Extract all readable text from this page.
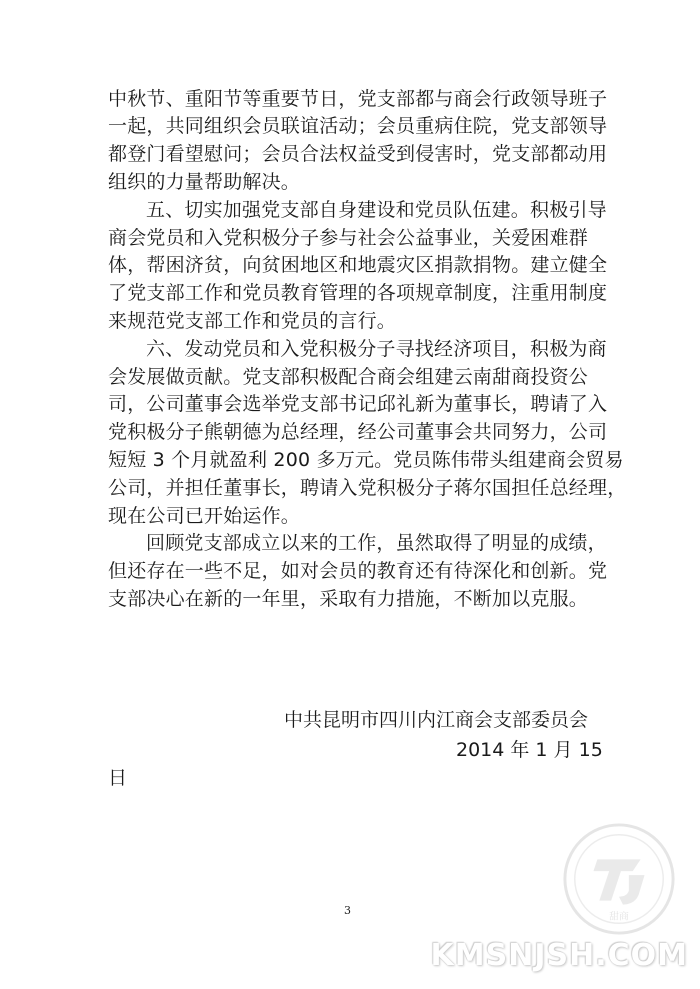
中秋节、重阳节等重要节日，党支部都与商会行政领导班子

一起，共同组织会员联谊活动；会员重病住院，党支部领导

都登门看望慰问；会员合法权益受到侵害时，党支部都动用

组织的力量帮助解决。

五、切实加强党支部自身建设和党员队伍建。积极引导

商会党员和入党积极分子参与社会公益事业，关爱困难群

体，帮困济贫，向贫困地区和地震灾区捐款捐物。建立健全

了党支部工作和党员教育管理的各项规章制度，注重用制度

来规范党支部工作和党员的言行。

六、发动党员和入党积极分子寻找经济项目，积极为商

会发展做贡献。党支部积极配合商会组建云南甜商投资公

司，公司董事会选举党支部书记邱礼新为董事长，聘请了入

党积极分子熊朝德为总经理，经公司董事会共同努力，公司

短短 3 个月就盈利 200 多万元。党员陈伟带头组建商会贸易

公司，并担任董事长，聘请入党积极分子蒋尔国担任总经理，

现在公司已开始运作。

回顾党支部成立以来的工作，虽然取得了明显的成绩，

但还存在一些不足，如对会员的教育还有待深化和创新。党

支部决心在新的一年里，采取有力措施，不断加以克服。

中共昆明市四川内江商会支部委员会

2014 年 1 月 15

日

3	甜商
KMSNJSH.COM
